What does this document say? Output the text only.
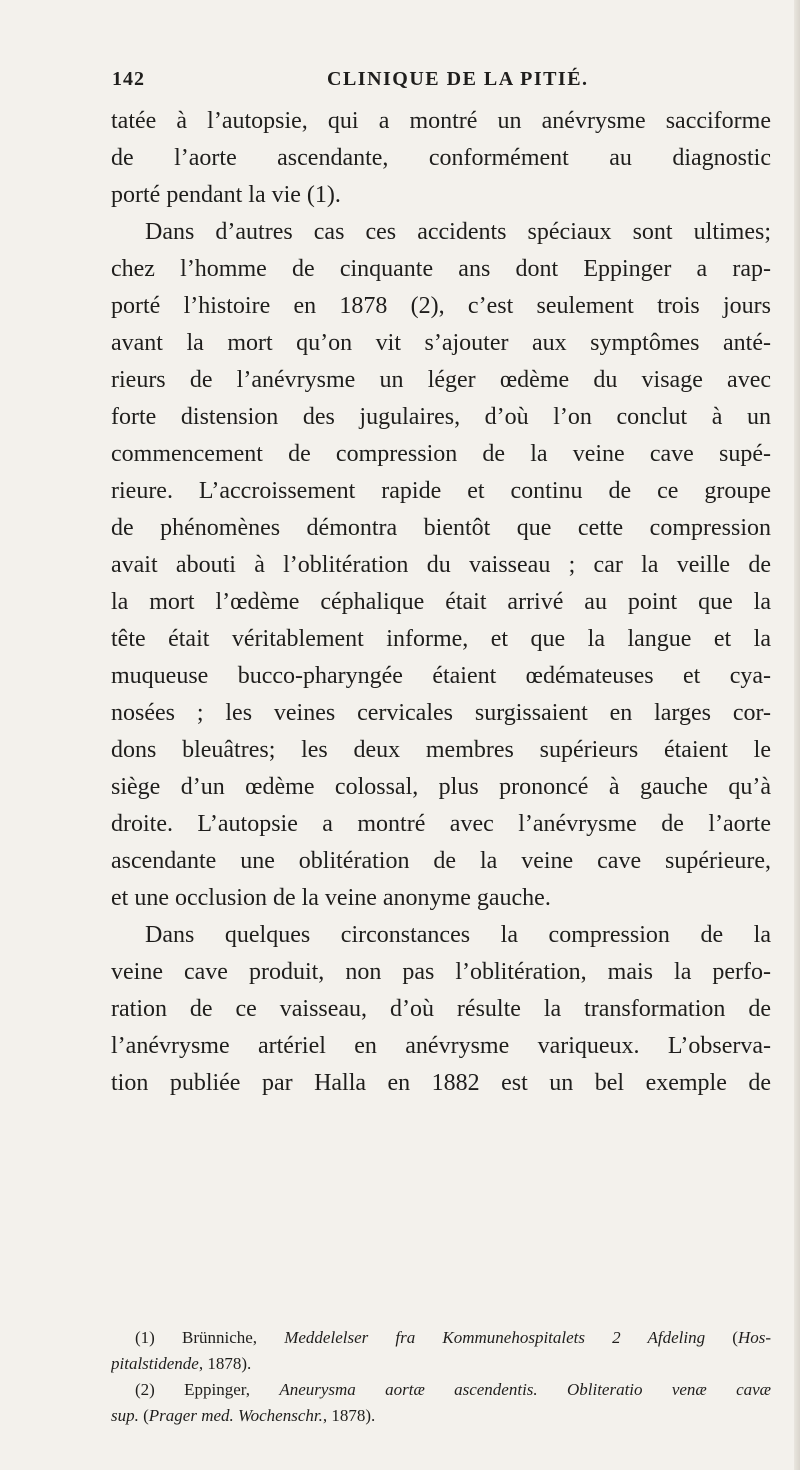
142	CLINIQUE DE LA PITIÉ.
tatée à l’autopsie, qui a montré un anévrysme sacciforme
de l’aorte ascendante, conformément au diagnostic
porté pendant la vie (1).
Dans d’autres cas ces accidents spéciaux sont ultimes;
chez l’homme de cinquante ans dont Eppinger a rap-
porté l’histoire en 1878 (2), c’est seulement trois jours
avant la mort qu’on vit s’ajouter aux symptômes anté-
rieurs de l’anévrysme un léger œdème du visage avec
forte distension des jugulaires, d’où l’on conclut à un
commencement de compression de la veine cave supé-
rieure. L’accroissement rapide et continu de ce groupe
de phénomènes démontra bientôt que cette compression
avait abouti à l’oblitération du vaisseau ; car la veille de
la mort l’œdème céphalique était arrivé au point que la
tête était véritablement informe, et que la langue et la
muqueuse bucco-pharyngée étaient œdémateuses et cya-
nosées ; les veines cervicales surgissaient en larges cor-
dons bleuâtres; les deux membres supérieurs étaient le
siège d’un œdème colossal, plus prononcé à gauche qu’à
droite. L’autopsie a montré avec l’anévrysme de l’aorte
ascendante une oblitération de la veine cave supérieure,
et une occlusion de la veine anonyme gauche.
Dans quelques circonstances la compression de la
veine cave produit, non pas l’oblitération, mais la perfo-
ration de ce vaisseau, d’où résulte la transformation de
l’anévrysme artériel en anévrysme variqueux. L’observa-
tion publiée par Halla en 1882 est un bel exemple de
(1) Brünniche, Meddelelser fra Kommunehospitalets 2 Afdeling (Hos-
pitalstidende, 1878).
(2) Eppinger, Aneurysma aortæ ascendentis. Obliteratio venæ cavæ
sup. (Prager med. Wochenschr., 1878).
